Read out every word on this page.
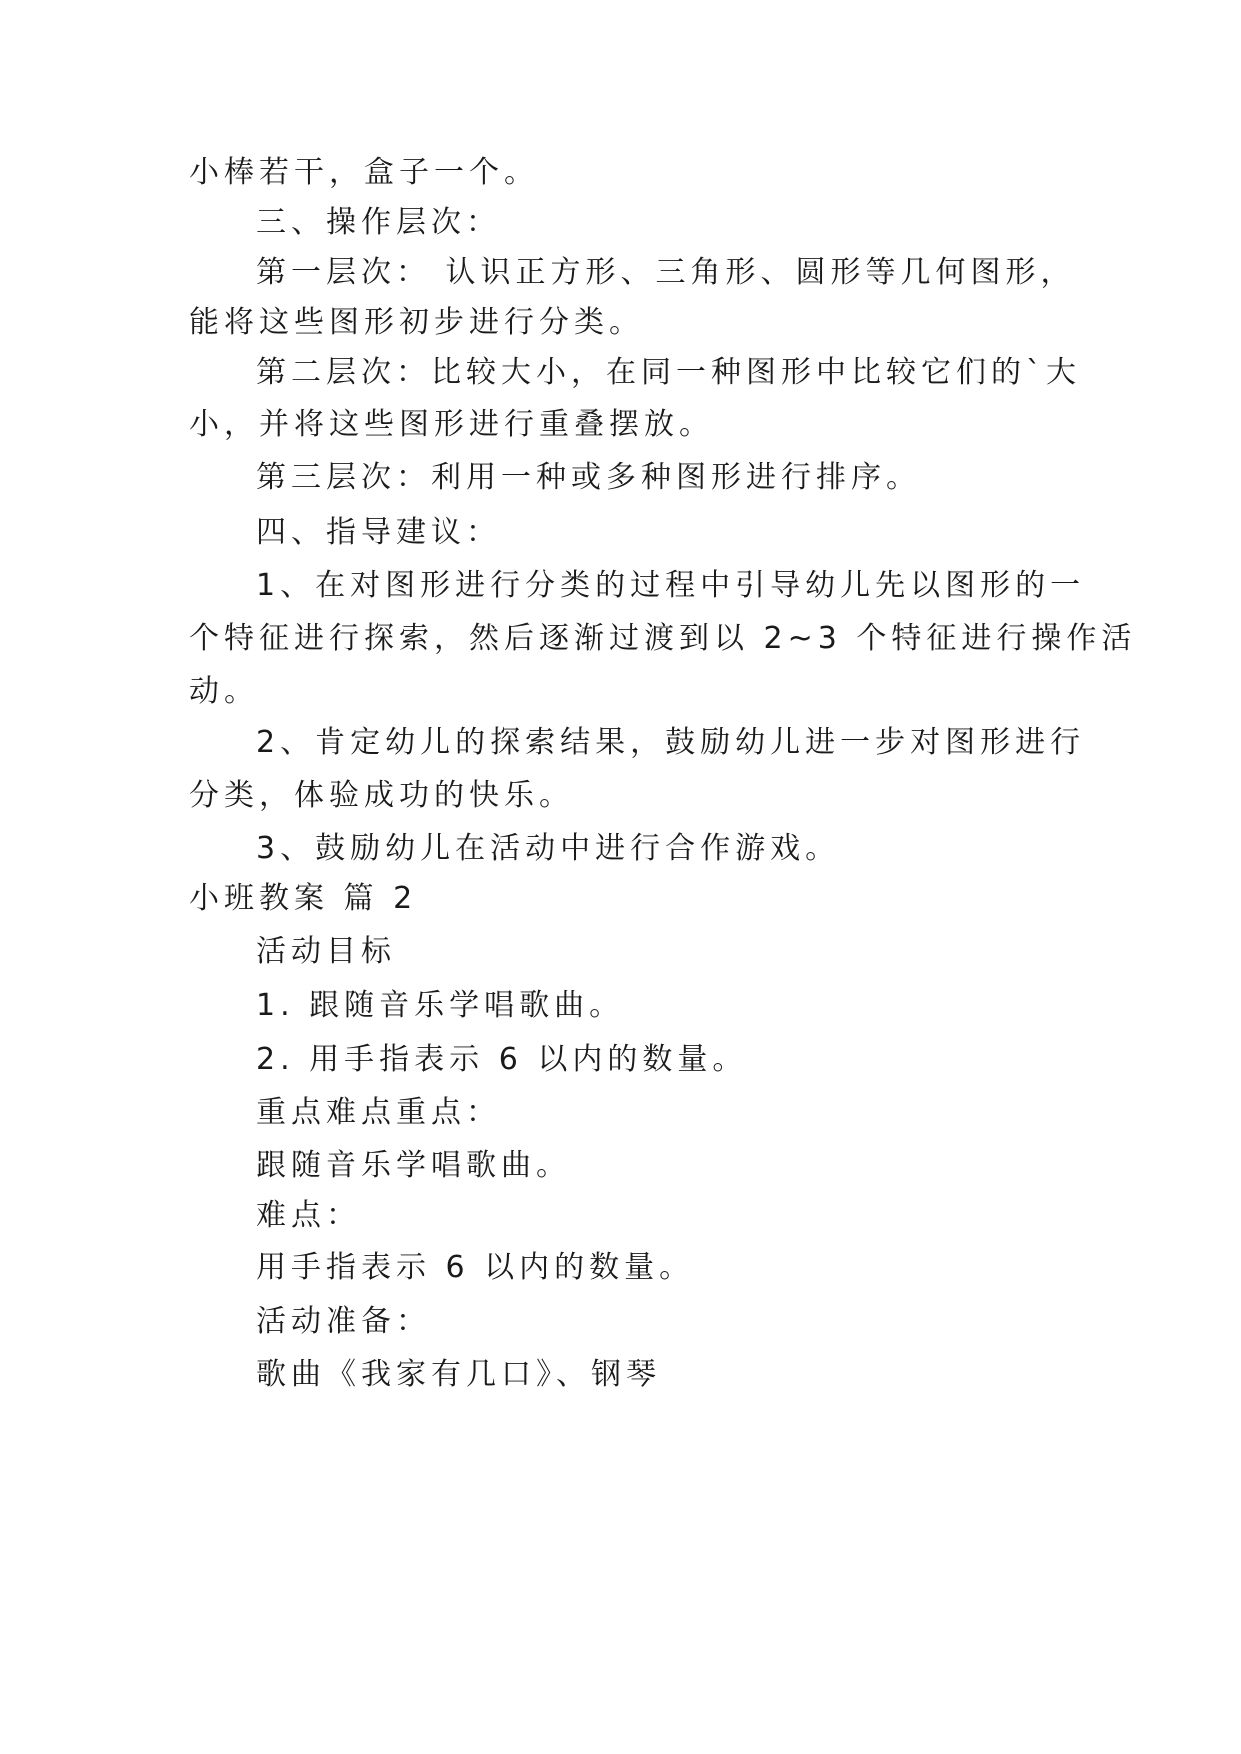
小棒若干，盒子一个。
三、操作层次：
第一层次： 认识正方形、三角形、圆形等几何图形，
能将这些图形初步进行分类。
第二层次：比较大小，在同一种图形中比较它们的`大
小，并将这些图形进行重叠摆放。
第三层次：利用一种或多种图形进行排序。
四、指导建议：
1、在对图形进行分类的过程中引导幼儿先以图形的一
个特征进行探索，然后逐渐过渡到以 2~3 个特征进行操作活
动。
2、肯定幼儿的探索结果，鼓励幼儿进一步对图形进行
分类，体验成功的快乐。
3、鼓励幼儿在活动中进行合作游戏。
小班教案 篇 2
活动目标
1. 跟随音乐学唱歌曲。
2. 用手指表示 6 以内的数量。
重点难点重点：
跟随音乐学唱歌曲。
难点：
用手指表示 6 以内的数量。
活动准备：
歌曲《我家有几口》、钢琴
